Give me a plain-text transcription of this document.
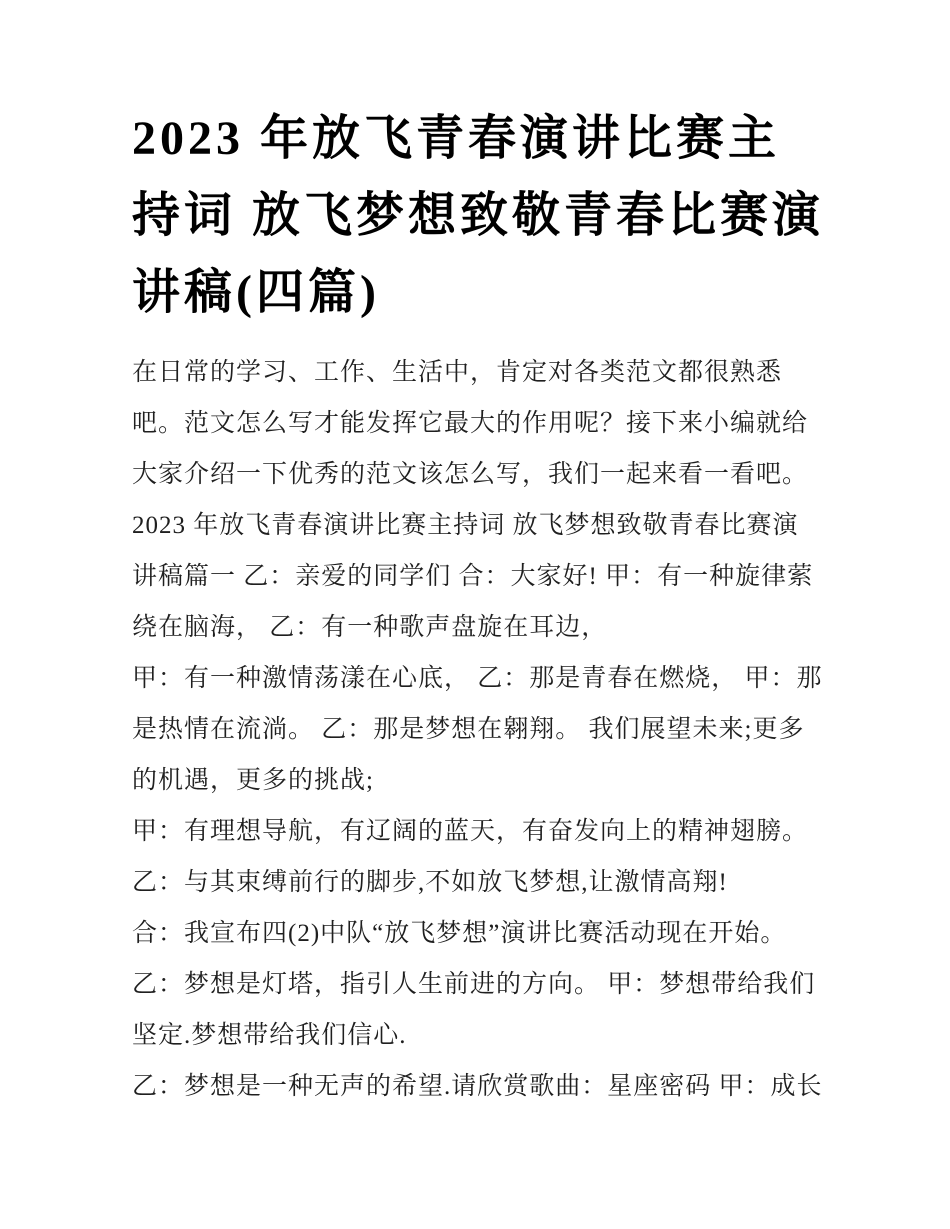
2023 年放飞青春演讲比赛主持词 放飞梦想致敬青春比赛演讲稿(四篇)

在日常的学习、工作、生活中，肯定对各类范文都很熟悉吧。范文怎么写才能发挥它最大的作用呢？接下来小编就给大家介绍一下优秀的范文该怎么写，我们一起来看一看吧。

2023 年放飞青春演讲比赛主持词 放飞梦想致敬青春比赛演讲稿篇一 乙：亲爱的同学们 合：大家好! 甲：有一种旋律萦绕在脑海， 乙：有一种歌声盘旋在耳边，

甲：有一种激情荡漾在心底， 乙：那是青春在燃烧， 甲：那是热情在流淌。 乙：那是梦想在翱翔。 我们展望未来;更多的机遇，更多的挑战;

甲：有理想导航，有辽阔的蓝天，有奋发向上的精神翅膀。

乙：与其束缚前行的脚步,不如放飞梦想,让激情高翔!

合：我宣布四(2)中队“放飞梦想”演讲比赛活动现在开始。

乙：梦想是灯塔，指引人生前进的方向。 甲：梦想带给我们坚定.梦想带给我们信心.

乙：梦想是一种无声的希望.请欣赏歌曲：星座密码 甲：成长
